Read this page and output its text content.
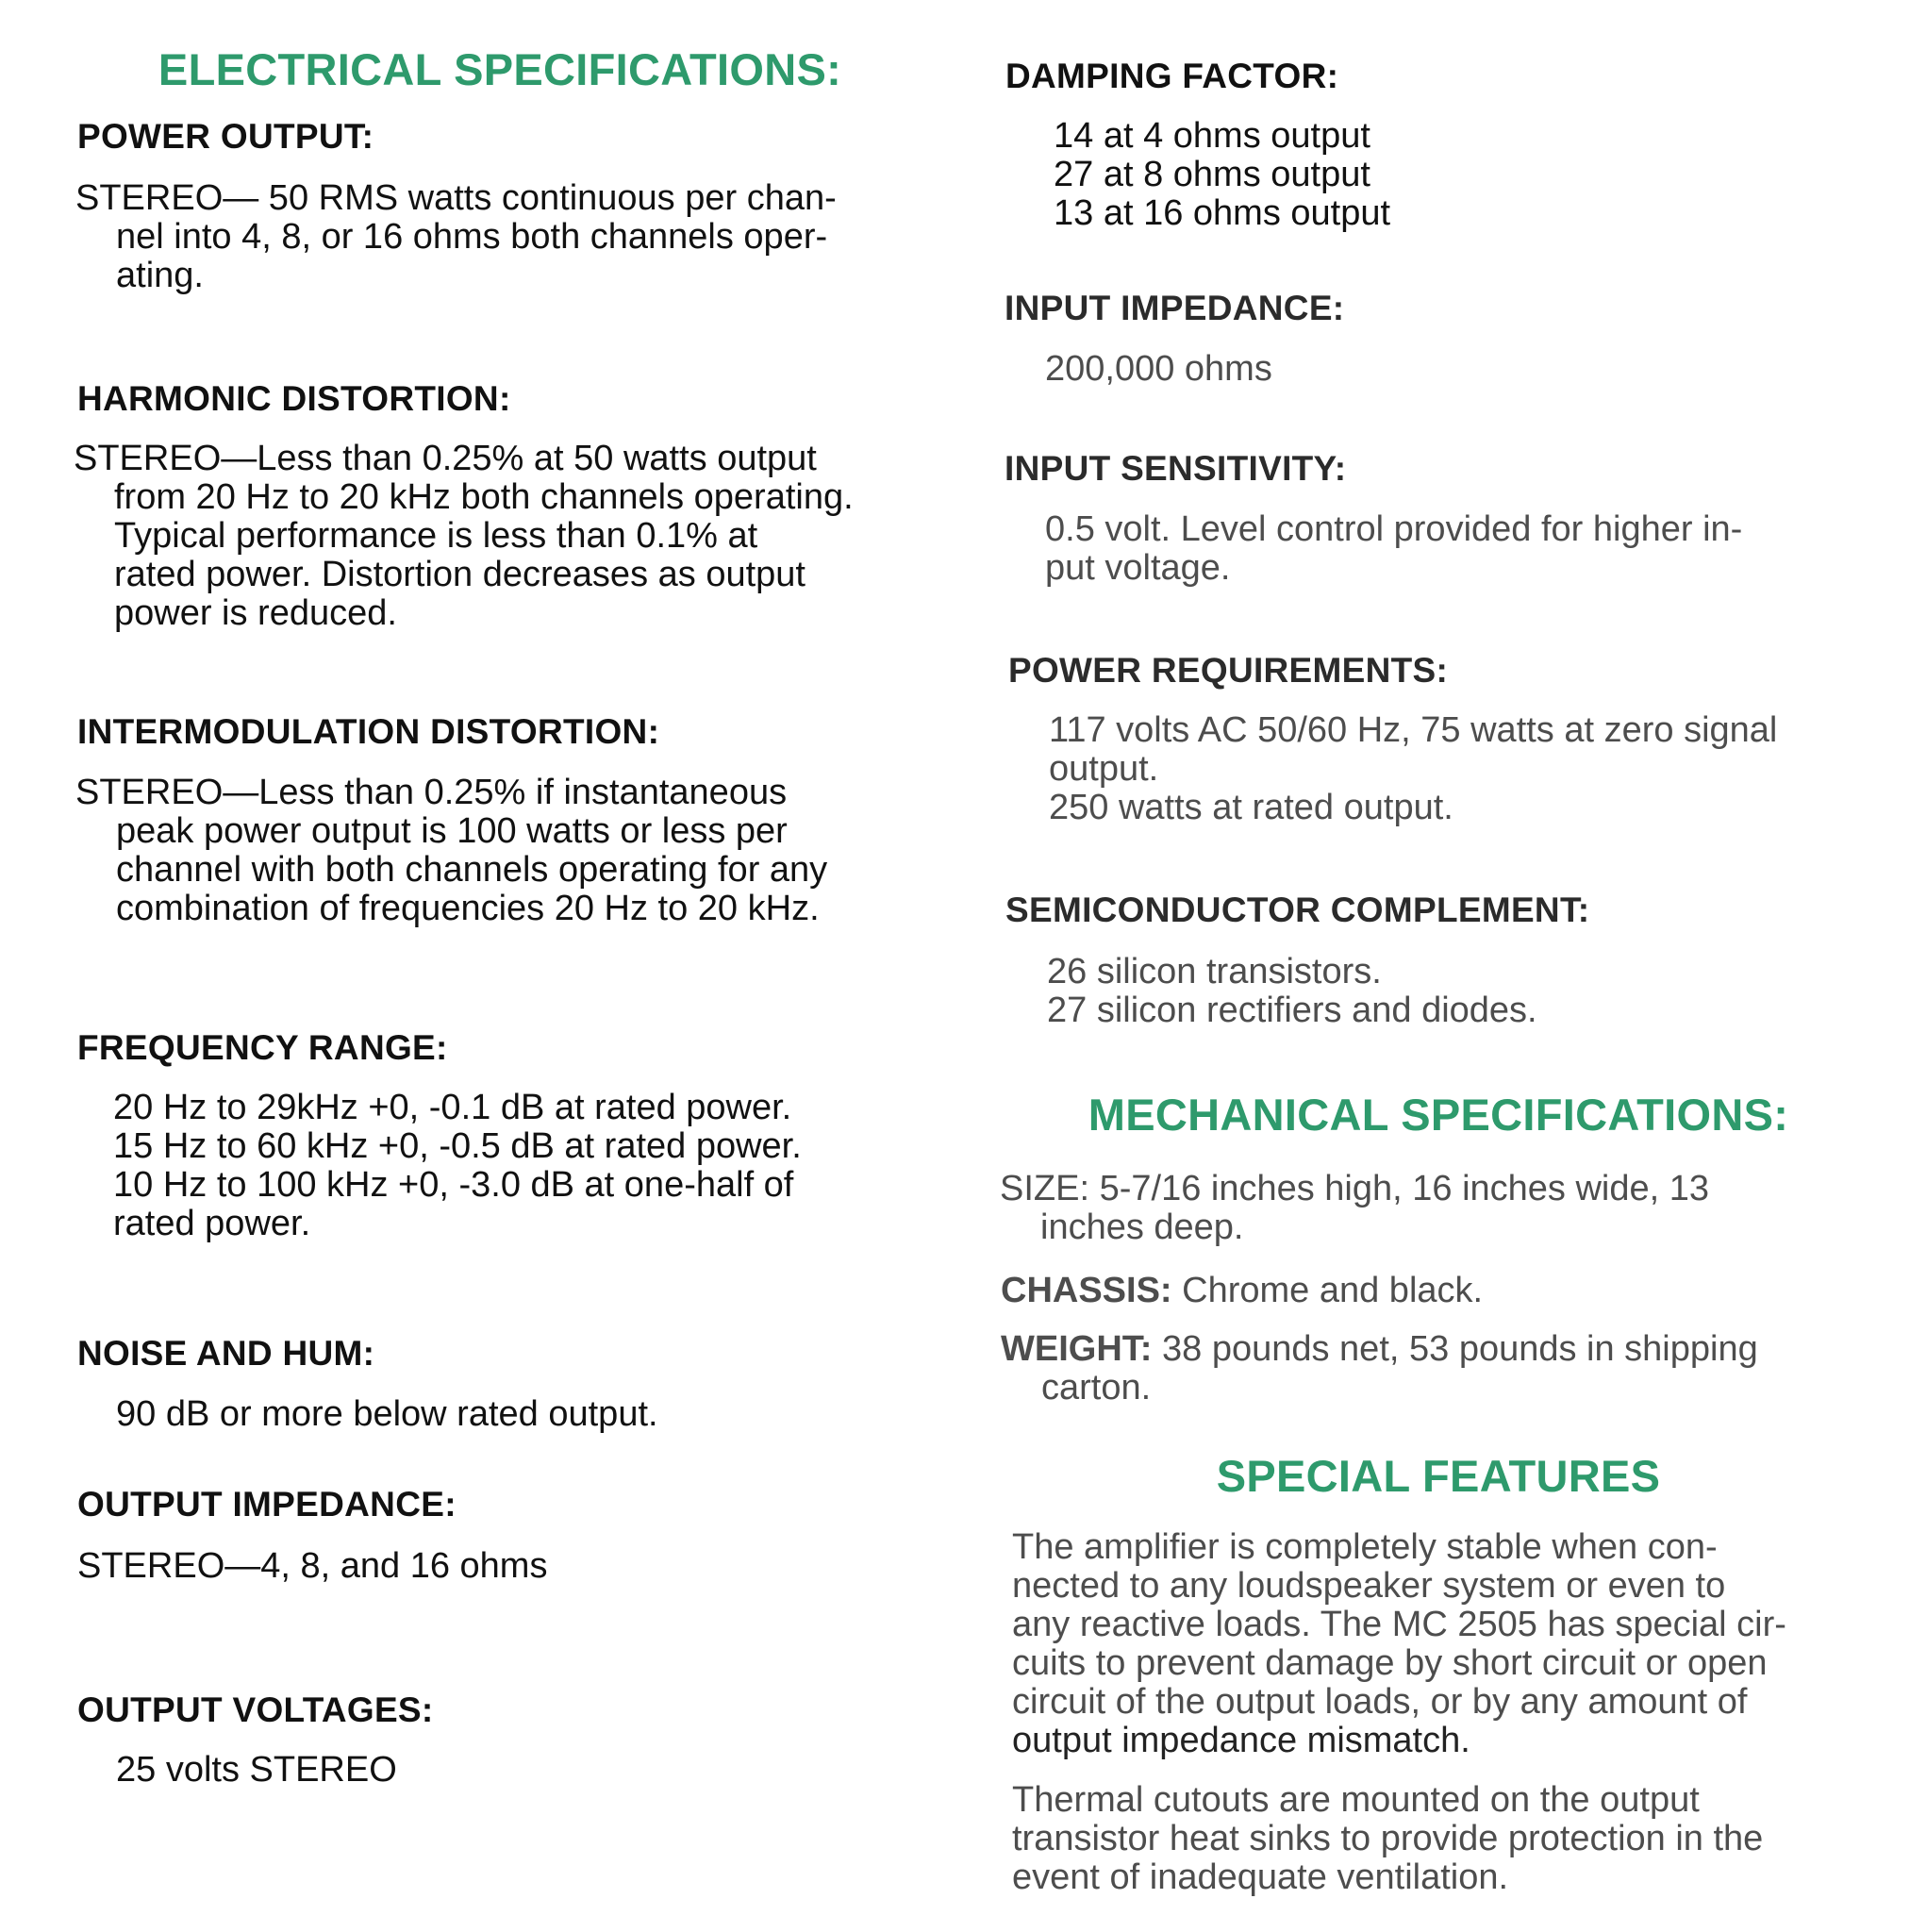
ELECTRICAL SPECIFICATIONS:
POWER OUTPUT:
STEREO— 50 RMS watts continuous per chan-
nel into 4, 8, or 16 ohms both channels oper-
ating.
HARMONIC DISTORTION:
STEREO—Less than 0.25% at 50 watts output
from 20 Hz to 20 kHz both channels operating.
Typical performance is less than 0.1% at
rated power. Distortion decreases as output
power is reduced.
INTERMODULATION DISTORTION:
STEREO—Less than 0.25% if instantaneous
peak power output is 100 watts or less per
channel with both channels operating for any
combination of frequencies 20 Hz to 20 kHz.
FREQUENCY RANGE:
20 Hz to 29kHz +0, -0.1 dB at rated power.
15 Hz to 60 kHz +0, -0.5 dB at rated power.
10 Hz to 100 kHz +0, -3.0 dB at one-half of
rated power.
NOISE AND HUM:

90 dB or more below rated output.

OUTPUT IMPEDANCE:

STEREO—4, 8, and 16 ohms

OUTPUT VOLTAGES:

25 volts STEREO

DAMPING FACTOR:
14 at 4 ohms output
27 at 8 ohms output
13 at 16 ohms output
INPUT IMPEDANCE:

200,000 ohms

INPUT SENSITIVITY:
0.5 volt. Level control provided for higher in-
put voltage.
POWER REQUIREMENTS:
117 volts AC 50/60 Hz, 75 watts at zero signal
output.
250 watts at rated output.
SEMICONDUCTOR COMPLEMENT:
26 silicon transistors.
27 silicon rectifiers and diodes.
MECHANICAL SPECIFICATIONS:
SIZE: 5-7/16 inches high, 16 inches wide, 13
inches deep.

CHASSIS: Chrome and black.

WEIGHT: 38 pounds net, 53 pounds in shipping
carton.
SPECIAL FEATURES
The amplifier is completely stable when con-
nected to any loudspeaker system or even to
any reactive loads. The MC 2505 has special cir-
cuits to prevent damage by short circuit or open
circuit of the output loads, or by any amount of
output impedance mismatch.
Thermal cutouts are mounted on the output
transistor heat sinks to provide protection in the
event of inadequate ventilation.
